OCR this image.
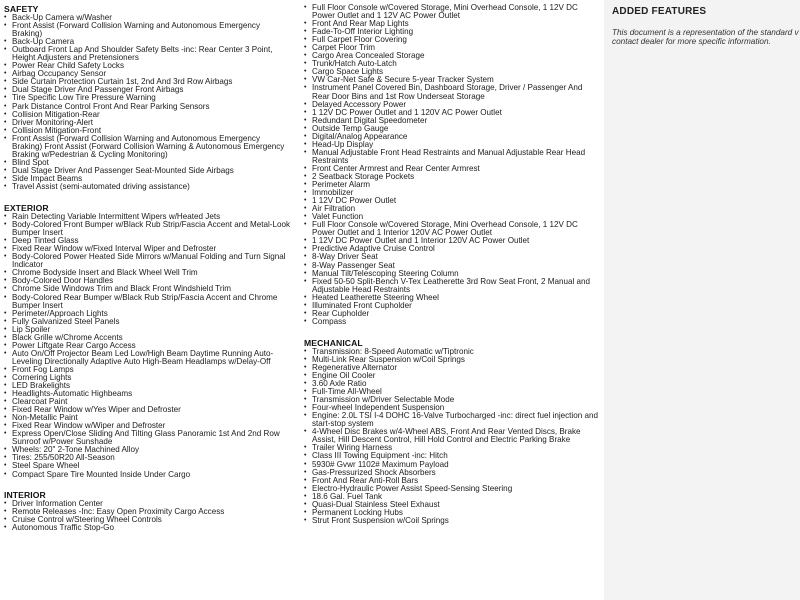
SAFETY
• Back-Up Camera w/Washer
• Front Assist (Forward Collision Warning and Autonomous Emergency Braking)
• Back-Up Camera
• Outboard Front Lap And Shoulder Safety Belts -inc: Rear Center 3 Point, Height Adjusters and Pretensioners
• Power Rear Child Safety Locks
• Airbag Occupancy Sensor
• Side Curtain Protection Curtain 1st, 2nd And 3rd Row Airbags
• Dual Stage Driver And Passenger Front Airbags
• Tire Specific Low Tire Pressure Warning
• Park Distance Control Front And Rear Parking Sensors
• Collision Mitigation-Rear
• Driver Monitoring-Alert
• Collision Mitigation-Front
• Front Assist (Forward Collision Warning and Autonomous Emergency Braking) Front Assist (Forward Collision Warning & Autonomous Emergency Braking w/Pedestrian & Cycling Monitoring)
• Blind Spot
• Dual Stage Driver And Passenger Seat-Mounted Side Airbags
• Side Impact Beams
• Travel Assist (semi-automated driving assistance)
EXTERIOR
• Rain Detecting Variable Intermittent Wipers w/Heated Jets
• Body-Colored Front Bumper w/Black Rub Strip/Fascia Accent and Metal-Look Bumper Insert
• Deep Tinted Glass
• Fixed Rear Window w/Fixed Interval Wiper and Defroster
• Body-Colored Power Heated Side Mirrors w/Manual Folding and Turn Signal Indicator
• Chrome Bodyside Insert and Black Wheel Well Trim
• Body-Colored Door Handles
• Chrome Side Windows Trim and Black Front Windshield Trim
• Body-Colored Rear Bumper w/Black Rub Strip/Fascia Accent and Chrome Bumper Insert
• Perimeter/Approach Lights
• Fully Galvanized Steel Panels
• Lip Spoiler
• Black Grille w/Chrome Accents
• Power Liftgate Rear Cargo Access
• Auto On/Off Projector Beam Led Low/High Beam Daytime Running Auto-Leveling Directionally Adaptive Auto High-Beam Headlamps w/Delay-Off
• Front Fog Lamps
• Cornering Lights
• LED Brakelights
• Headlights-Automatic Highbeams
• Clearcoat Paint
• Fixed Rear Window w/Yes Wiper and Defroster
• Non-Metallic Paint
• Fixed Rear Window w/Wiper and Defroster
• Express Open/Close Sliding And Tilting Glass Panoramic 1st And 2nd Row Sunroof w/Power Sunshade
• Wheels: 20" 2-Tone Machined Alloy
• Tires: 255/50R20 All-Season
• Steel Spare Wheel
• Compact Spare Tire Mounted Inside Under Cargo
INTERIOR
• Driver Information Center
• Remote Releases -Inc: Easy Open Proximity Cargo Access
• Cruise Control w/Steering Wheel Controls
• Autonomous Traffic Stop-Go
• Full Floor Console w/Covered Storage, Mini Overhead Console, 1 12V DC Power Outlet and 1 12V AC Power Outlet
• Front And Rear Map Lights
• Fade-To-Off Interior Lighting
• Full Carpet Floor Covering
• Carpet Floor Trim
• Cargo Area Concealed Storage
• Trunk/Hatch Auto-Latch
• Cargo Space Lights
• VW Car-Net Safe & Secure 5-year Tracker System
• Instrument Panel Covered Bin, Dashboard Storage, Driver / Passenger And Rear Door Bins and 1st Row Underseat Storage
• Delayed Accessory Power
• 1 12V DC Power Outlet and 1 120V AC Power Outlet
• Redundant Digital Speedometer
• Outside Temp Gauge
• Digital/Analog Appearance
• Head-Up Display
• Manual Adjustable Front Head Restraints and Manual Adjustable Rear Head Restraints
• Front Center Armrest and Rear Center Armrest
• 2 Seatback Storage Pockets
• Perimeter Alarm
• Immobilizer
• 1 12V DC Power Outlet
• Air Filtration
• Valet Function
• Full Floor Console w/Covered Storage, Mini Overhead Console, 1 12V DC Power Outlet and 1 Interior 120V AC Power Outlet
• 1 12V DC Power Outlet and 1 Interior 120V AC Power Outlet
• Predictive Adaptive Cruise Control
• 8-Way Driver Seat
• 8-Way Passenger Seat
• Manual Tilt/Telescoping Steering Column
• Fixed 50-50 Split-Bench V-Tex Leatherette 3rd Row Seat Front, 2 Manual and Adjustable Head Restraints
• Heated Leatherette Steering Wheel
• Illuminated Front Cupholder
• Rear Cupholder
• Compass
MECHANICAL
• Transmission: 8-Speed Automatic w/Tiptronic
• Multi-Link Rear Suspension w/Coil Springs
• Regenerative Alternator
• Engine Oil Cooler
• 3.60 Axle Ratio
• Full-Time All-Wheel
• Transmission w/Driver Selectable Mode
• Four-wheel Independent Suspension
• Engine: 2.0L TSI I-4 DOHC 16-Valve Turbocharged -inc: direct fuel injection and start-stop system
• 4-Wheel Disc Brakes w/4-Wheel ABS, Front And Rear Vented Discs, Brake Assist, Hill Descent Control, Hill Hold Control and Electric Parking Brake
• Trailer Wiring Harness
• Class III Towing Equipment -inc: Hitch
• 5930# Gvwr 1102# Maximum Payload
• Gas-Pressurized Shock Absorbers
• Front And Rear Anti-Roll Bars
• Electro-Hydraulic Power Assist Speed-Sensing Steering
• 18.6 Gal. Fuel Tank
• Quasi-Dual Stainless Steel Exhaust
• Permanent Locking Hubs
• Strut Front Suspension w/Coil Springs
ADDED FEATURES
This document is a representation of the standard v
contact dealer for more specific information.
